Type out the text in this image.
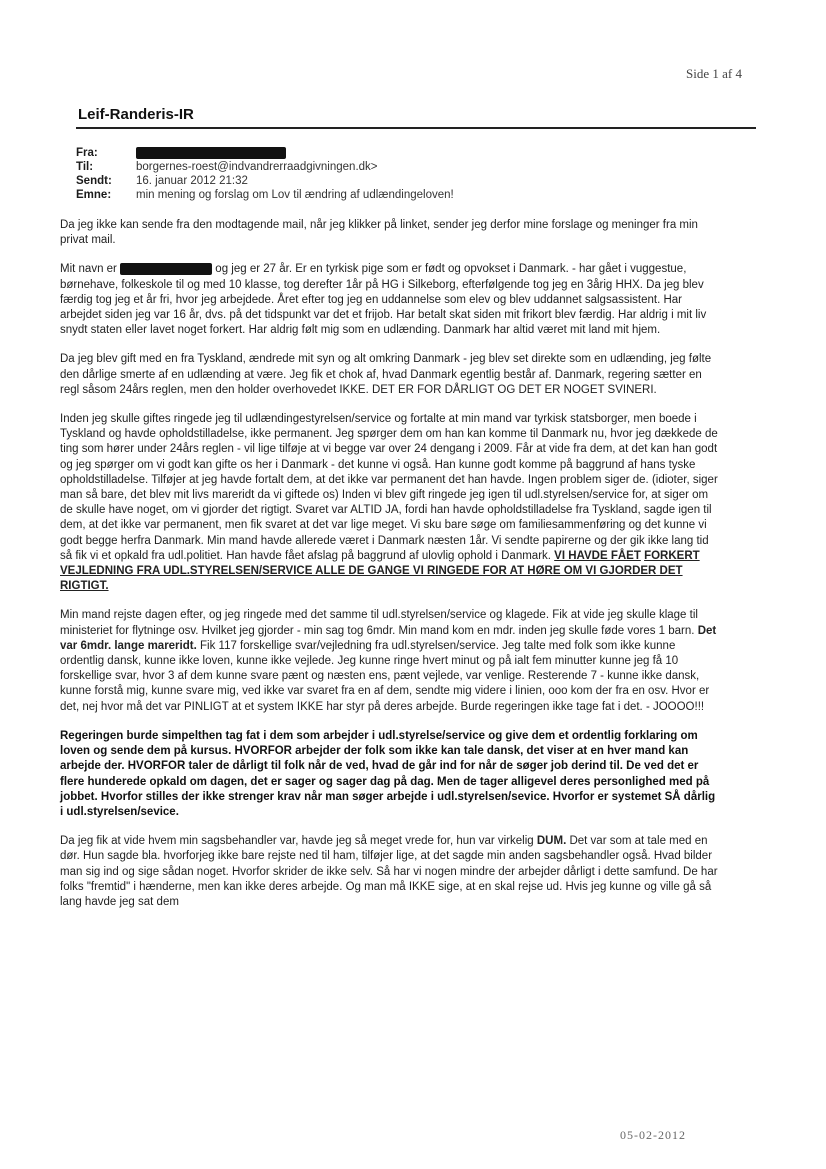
Side 1 af 4
Leif-Randeris-IR
Fra:
Til:	borgernes-roest@indvandrerraadgivningen.dk>
Sendt:	16. januar 2012 21:32
Emne:	min mening og forslag om Lov til ændring af udlændingeloven!

Da jeg ikke kan sende fra den modtagende mail, når jeg klikker på linket, sender jeg derfor mine forslage og meninger fra min privat mail.

Mit navn er	og jeg er 27 år. Er en tyrkisk pige som er født og opvokset i Danmark. - har gået i vuggestue, børnehave, folkeskole til og med 10 klasse, tog derefter 1år på HG i Silkeborg, efterfølgende tog jeg en 3årig HHX. Da jeg blev færdig tog jeg et år fri, hvor jeg arbejdede. Året efter tog jeg en uddannelse som elev og blev uddannet salgsassistent. Har arbejdet siden jeg var 16 år, dvs. på det tidspunkt var det et frijob. Har betalt skat siden mit frikort blev færdig. Har aldrig i mit liv snydt staten eller lavet noget forkert. Har aldrig følt mig som en udlænding. Danmark har altid været mit land mit hjem.

Da jeg blev gift med en fra Tyskland, ændrede mit syn og alt omkring Danmark - jeg blev set direkte som en udlænding, jeg følte den dårlige smerte af en udlænding at være. Jeg fik et chok af, hvad Danmark egentlig består af. Danmark, regering sætter en regl såsom 24års reglen, men den holder overhovedet IKKE. DET ER FOR DÅRLIGT OG DET ER NOGET SVINERI.

Inden jeg skulle giftes ringede jeg til udlændingestyrelsen/service og fortalte at min mand var tyrkisk statsborger, men boede i Tyskland og havde opholdstilladelse, ikke permanent. Jeg spørger dem om han kan komme til Danmark nu, hvor jeg dækkede de ting som hører under 24års reglen - vil lige tilføje at vi begge var over 24 dengang i 2009. Får at vide fra dem, at det kan han godt og jeg spørger om vi godt kan gifte os her i Danmark - det kunne vi også. Han kunne godt komme på baggrund af hans tyske opholdstilladelse. Tilføjer at jeg havde fortalt dem, at det ikke var permanent det han havde. Ingen problem siger de. (idioter, siger man så bare, det blev mit livs mareridt da vi giftede os) Inden vi blev gift ringede jeg igen til udl.styrelsen/service for, at siger om de skulle have noget, om vi gjorder det rigtigt. Svaret var ALTID JA, fordi han havde opholdstilladelse fra Tyskland, sagde igen til dem, at det ikke var permanent, men fik svaret at det var lige meget. Vi sku bare søge om familiesammenføring og det kunne vi godt begge herfra Danmark. Min mand havde allerede været i Danmark næsten 1år. Vi sendte papirerne og der gik ikke lang tid så fik vi et opkald fra udl.politiet. Han havde fået afslag på baggrund af ulovlig ophold i Danmark. VI HAVDE FÅET FORKERT VEJLEDNING FRA UDL.STYRELSEN/SERVICE ALLE DE GANGE VI RINGEDE FOR AT HØRE OM VI GJORDER DET RIGTIGT.

Min mand rejste dagen efter, og jeg ringede med det samme til udl.styrelsen/service og klagede. Fik at vide jeg skulle klage til ministeriet for flytninge osv. Hvilket jeg gjorder - min sag tog 6mdr. Min mand kom en mdr. inden jeg skulle føde vores 1 barn. Det var 6mdr. lange mareridt. Fik 117 forskellige svar/vejledning fra udl.styrelsen/service. Jeg talte med folk som ikke kunne ordentlig dansk, kunne ikke loven, kunne ikke vejlede. Jeg kunne ringe hvert minut og på ialt fem minutter kunne jeg få 10 forskellige svar, hvor 3 af dem kunne svare pænt og næsten ens, pænt vejlede, var venlige. Resterende 7 - kunne ikke dansk, kunne forstå mig, kunne svare mig, ved ikke var svaret fra en af dem, sendte mig videre i linien, ooo kom der fra en osv. Hvor er det, nej hvor må det var PINLIGT at et system IKKE har styr på deres arbejde. Burde regeringen ikke tage fat i det. - JOOOO!!!

Regeringen burde simpelthen tag fat i dem som arbejder i udl.styrelse/service og give dem et ordentlig forklaring om loven og sende dem på kursus. HVORFOR arbejder der folk som ikke kan tale dansk, det viser at en hver mand kan arbejde der. HVORFOR taler de dårligt til folk når de ved, hvad de går ind for når de søger job derind til. De ved det er flere hunderede opkald om dagen, det er sager og sager dag på dag. Men de tager alligevel deres personlighed med på jobbet. Hvorfor stilles der ikke strenger krav når man søger arbejde i udl.styrelsen/sevice. Hvorfor er systemet SÅ dårlig i udl.styrelsen/sevice.

Da jeg fik at vide hvem min sagsbehandler var, havde jeg så meget vrede for, hun var virkelig DUM. Det var som at tale med en dør. Hun sagde bla. hvorforjeg ikke bare rejste ned til ham, tilføjer lige, at det sagde min anden sagsbehandler også. Hvad bilder man sig ind og sige sådan noget. Hvorfor skrider de ikke selv. Så har vi nogen mindre der arbejder dårligt i dette samfund. De har folks "fremtid" i hænderne, men kan ikke deres arbejde. Og man må IKKE sige, at en skal rejse ud. Hvis jeg kunne og ville gå så lang havde jeg sat dem

05-02-2012
